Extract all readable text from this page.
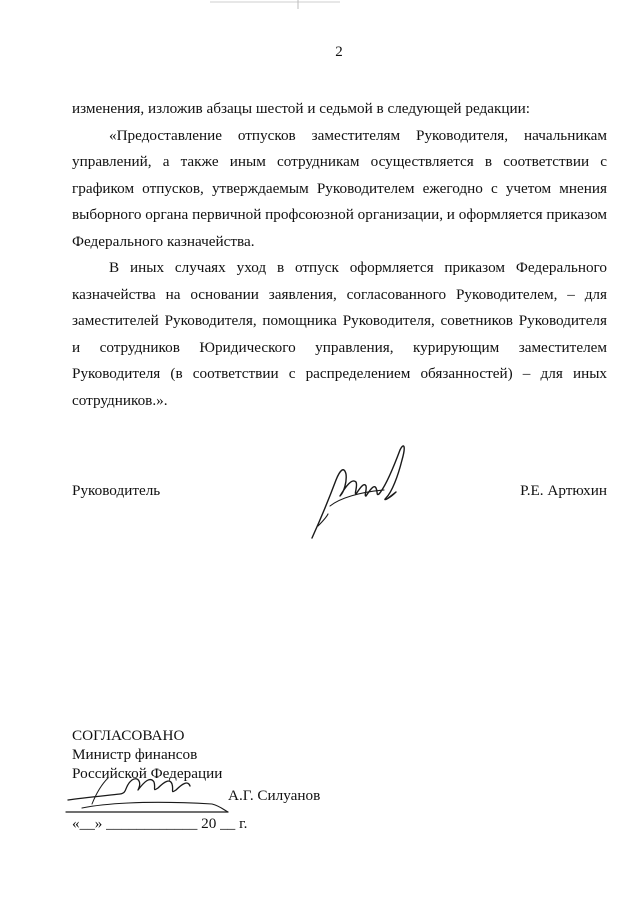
2

изменения, изложив абзацы шестой и седьмой в следующей редакции:

«Предоставление отпусков заместителям Руководителя, начальникам управлений, а также иным сотрудникам осуществляется в соответствии с графиком отпусков, утверждаемым Руководителем ежегодно с учетом мнения выборного органа первичной профсоюзной организации, и оформляется приказом Федерального казначейства.

В иных случаях уход в отпуск оформляется приказом Федерального казначейства на основании заявления, согласованного Руководителем, – для заместителей Руководителя, помощника Руководителя, советников Руководителя и сотрудников Юридического управления, курирующим заместителем Руководителя (в соответствии с распределением обязанностей) – для иных сотрудников.».

Руководитель	Р.Е. Артюхин
СОГЛАСОВАНО
Министр финансов
Российской Федерации
А.Г. Силуанов
«__» ____________ 20 __ г.
